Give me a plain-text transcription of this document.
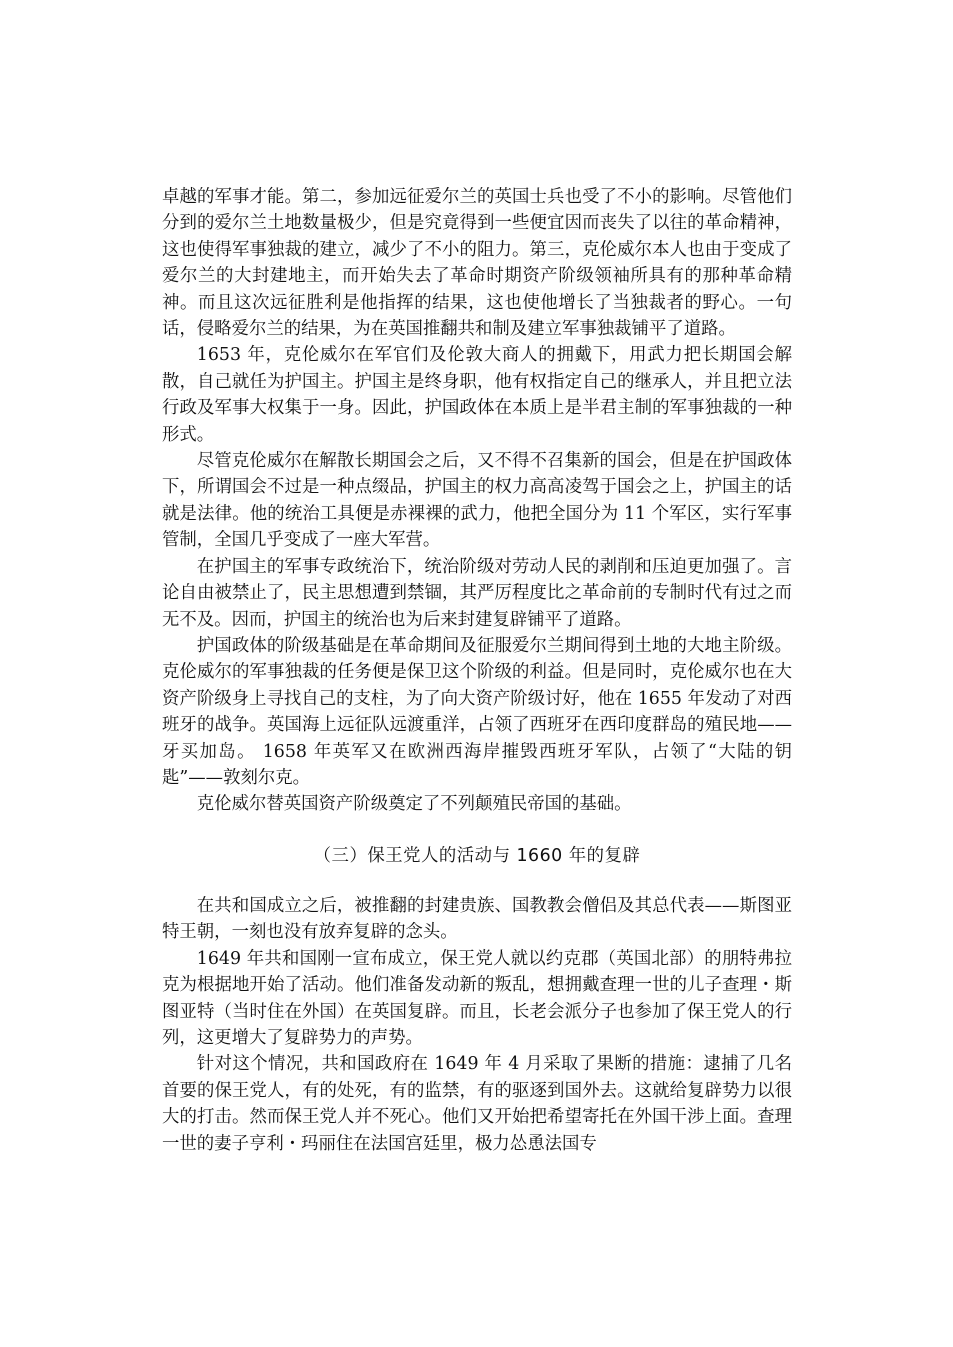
卓越的军事才能。第二，参加远征爱尔兰的英国士兵也受了不小的影响。尽管他们分到的爱尔兰土地数量极少，但是究竟得到一些便宜因而丧失了以往的革命精神，这也使得军事独裁的建立，减少了不小的阻力。第三，克伦威尔本人也由于变成了爱尔兰的大封建地主，而开始失去了革命时期资产阶级领袖所具有的那种革命精神。而且这次远征胜利是他指挥的结果，这也使他增长了当独裁者的野心。一句话，侵略爱尔兰的结果，为在英国推翻共和制及建立军事独裁铺平了道路。

1653 年，克伦威尔在军官们及伦敦大商人的拥戴下，用武力把长期国会解散，自己就任为护国主。护国主是终身职，他有权指定自己的继承人，并且把立法行政及军事大权集于一身。因此，护国政体在本质上是半君主制的军事独裁的一种形式。

尽管克伦威尔在解散长期国会之后，又不得不召集新的国会，但是在护国政体下，所谓国会不过是一种点缀品，护国主的权力高高凌驾于国会之上，护国主的话就是法律。他的统治工具便是赤裸裸的武力，他把全国分为 11 个军区，实行军事管制，全国几乎变成了一座大军营。

在护国主的军事专政统治下，统治阶级对劳动人民的剥削和压迫更加强了。言论自由被禁止了，民主思想遭到禁锢，其严厉程度比之革命前的专制时代有过之而无不及。因而，护国主的统治也为后来封建复辟铺平了道路。

护国政体的阶级基础是在革命期间及征服爱尔兰期间得到土地的大地主阶级。克伦威尔的军事独裁的任务便是保卫这个阶级的利益。但是同时，克伦威尔也在大资产阶级身上寻找自己的支柱，为了向大资产阶级讨好，他在 1655 年发动了对西班牙的战争。英国海上远征队远渡重洋，占领了西班牙在西印度群岛的殖民地——牙买加岛。 1658 年英军又在欧洲西海岸摧毁西班牙军队，占领了“大陆的钥匙”——敦刻尔克。

克伦威尔替英国资产阶级奠定了不列颠殖民帝国的基础。

（三）保王党人的活动与 1660 年的复辟

在共和国成立之后，被推翻的封建贵族、国教教会僧侣及其总代表——斯图亚特王朝，一刻也没有放弃复辟的念头。

1649 年共和国刚一宣布成立，保王党人就以约克郡（英国北部）的朋特弗拉克为根据地开始了活动。他们准备发动新的叛乱，想拥戴查理一世的儿子查理・斯图亚特（当时住在外国）在英国复辟。而且，长老会派分子也参加了保王党人的行列，这更增大了复辟势力的声势。

针对这个情况，共和国政府在 1649 年 4 月采取了果断的措施：逮捕了几名首要的保王党人，有的处死，有的监禁，有的驱逐到国外去。这就给复辟势力以很大的打击。然而保王党人并不死心。他们又开始把希望寄托在外国干涉上面。查理一世的妻子亨利・玛丽住在法国宫廷里，极力怂恿法国专
